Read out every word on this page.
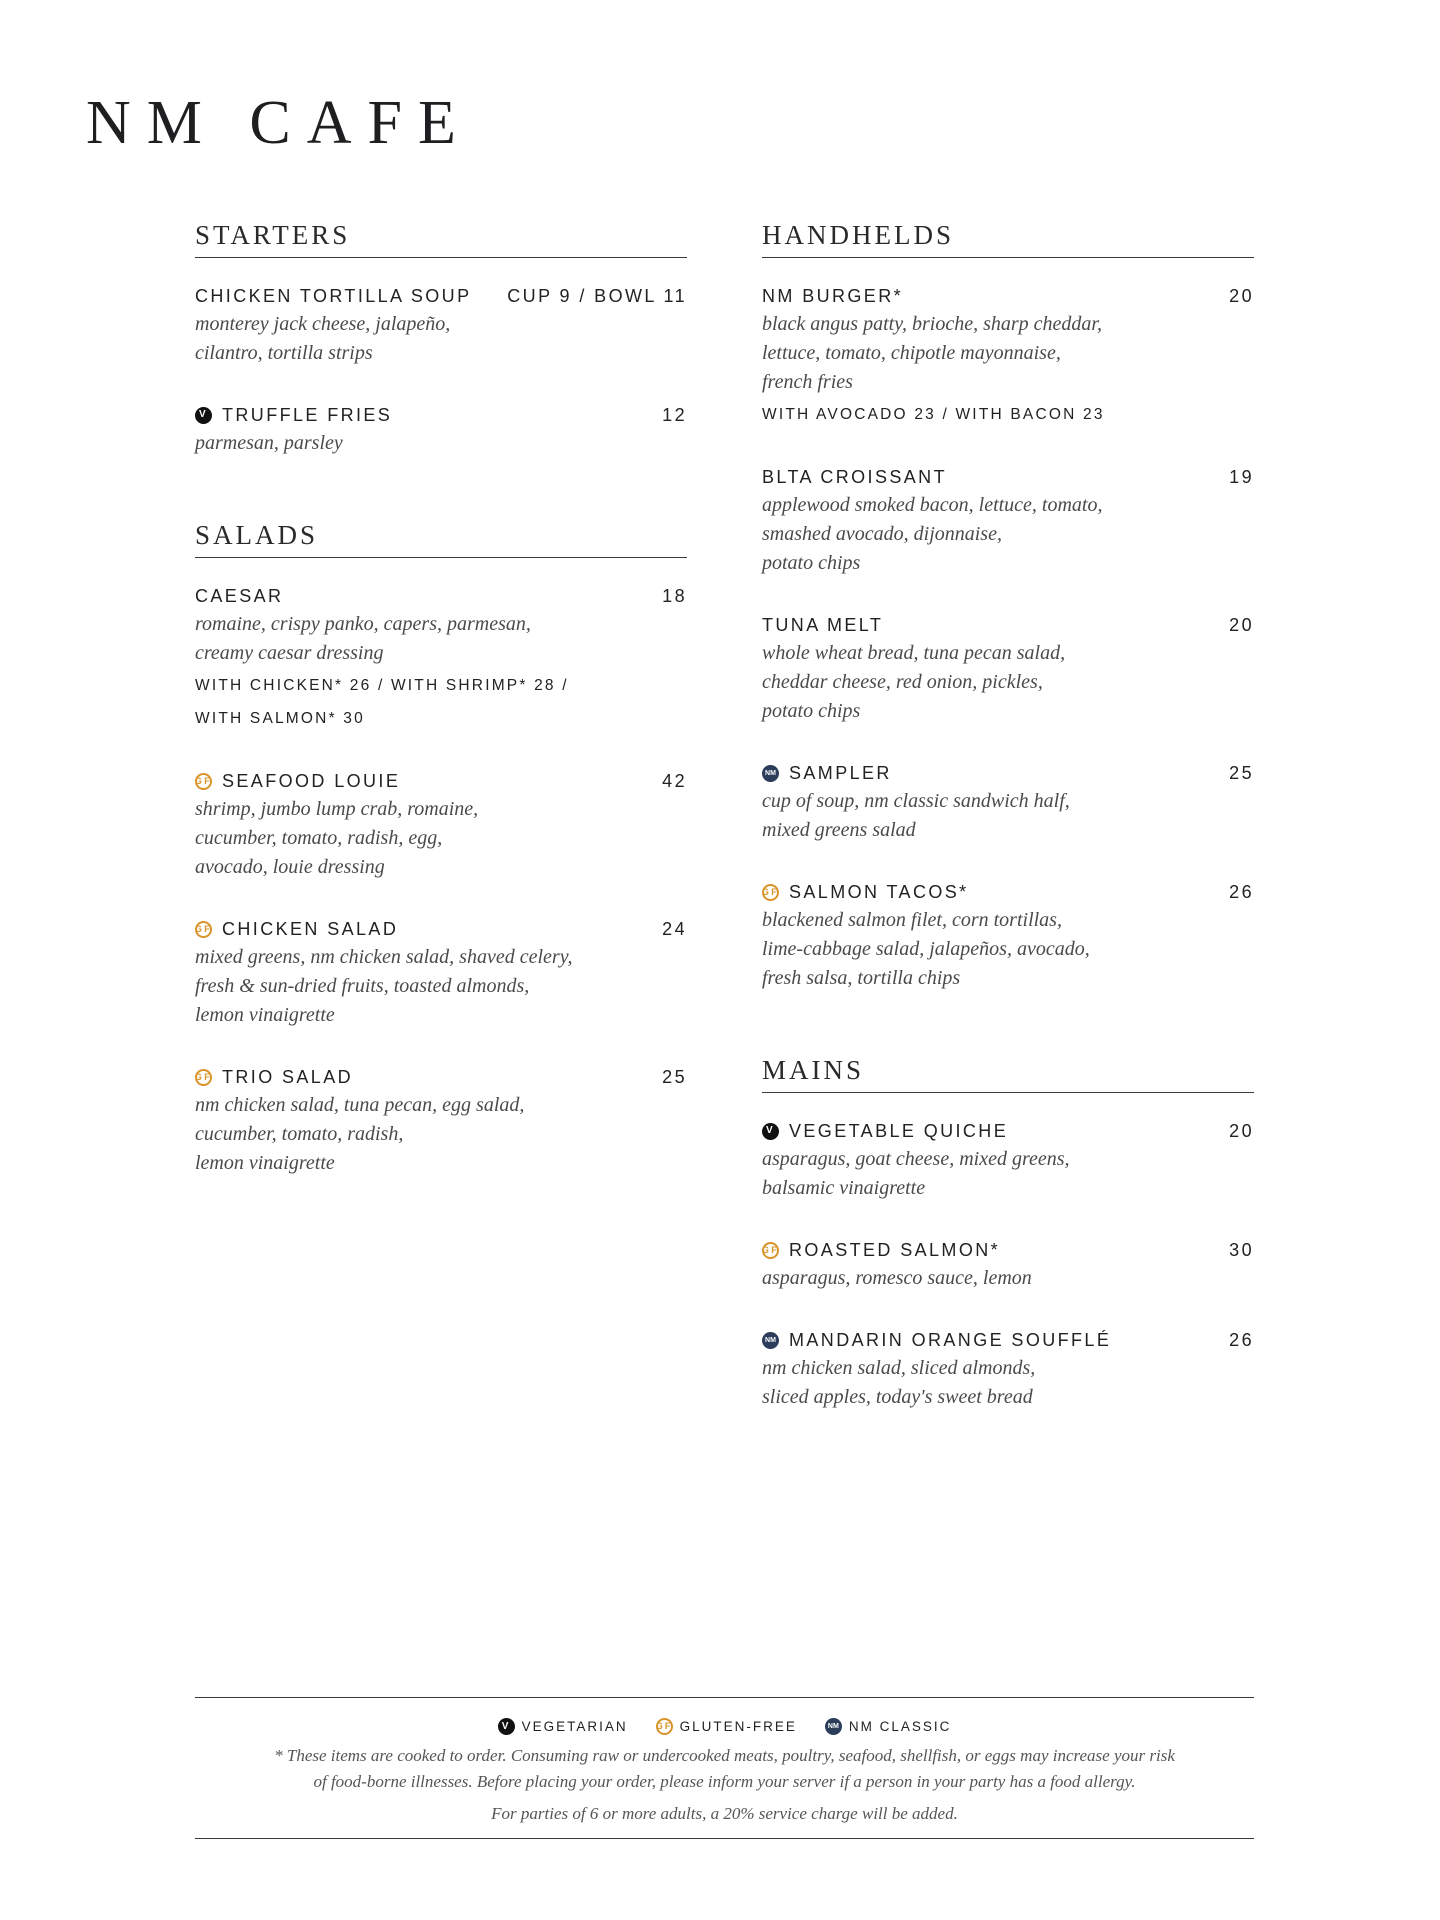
NM CAFE
STARTERS
CHICKEN TORTILLA SOUP CUP 9 / BOWL 11
monterey jack cheese, jalapeño,
cilantro, tortilla strips
V TRUFFLE FRIES	12
parmesan, parsley
SALADS
CAESAR	18
romaine, crispy panko, capers, parmesan,
creamy caesar dressing
WITH CHICKEN* 26 / WITH SHRIMP* 28 /
WITH SALMON* 30
GF SEAFOOD LOUIE	42
shrimp, jumbo lump crab, romaine,
cucumber, tomato, radish, egg,
avocado, louie dressing
GF CHICKEN SALAD	24
mixed greens, nm chicken salad, shaved celery,
fresh & sun-dried fruits, toasted almonds,
lemon vinaigrette
GF TRIO SALAD	25
nm chicken salad, tuna pecan, egg salad,
cucumber, tomato, radish,
lemon vinaigrette
HANDHELDS
NM BURGER*	20
black angus patty, brioche, sharp cheddar,
lettuce, tomato, chipotle mayonnaise,
french fries
WITH AVOCADO 23 / WITH BACON 23
BLTA CROISSANT	19
applewood smoked bacon, lettuce, tomato,
smashed avocado, dijonnaise,
potato chips
TUNA MELT	20
whole wheat bread, tuna pecan salad,
cheddar cheese, red onion, pickles,
potato chips
NM SAMPLER	25
cup of soup, nm classic sandwich half,
mixed greens salad
GF SALMON TACOS*	26
blackened salmon filet, corn tortillas,
lime-cabbage salad, jalapeños, avocado,
fresh salsa, tortilla chips
MAINS
V VEGETABLE QUICHE	20
asparagus, goat cheese, mixed greens,
balsamic vinaigrette
GF ROASTED SALMON*	30
asparagus, romesco sauce, lemon
NM MANDARIN ORANGE SOUFFLÉ	26
nm chicken salad, sliced almonds,
sliced apples, today's sweet bread
V VEGETARIAN	GF GLUTEN-FREE	NM NM CLASSIC
* These items are cooked to order. Consuming raw or undercooked meats, poultry, seafood, shellfish, or eggs may increase your risk
of food-borne illnesses. Before placing your order, please inform your server if a person in your party has a food allergy.
For parties of 6 or more adults, a 20% service charge will be added.
